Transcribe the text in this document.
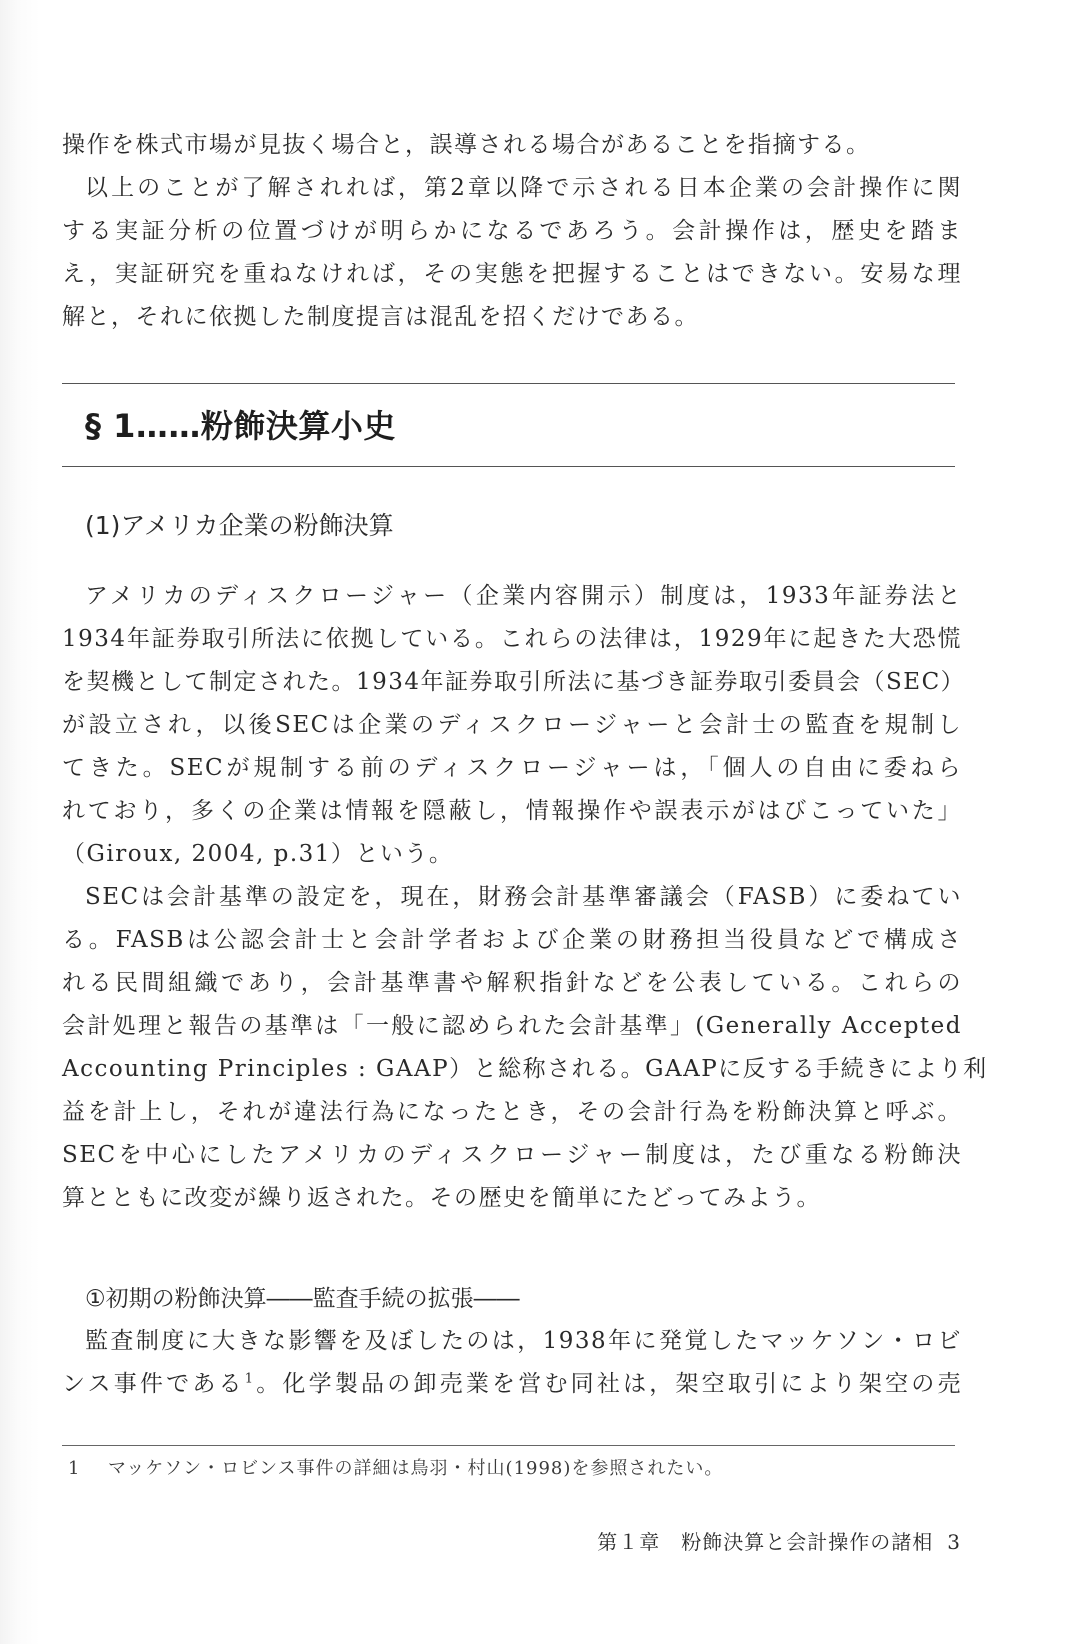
操作を株式市場が見抜く場合と，誤導される場合があることを指摘する。
以上のことが了解されれば，第2章以降で示される日本企業の会計操作に関
する実証分析の位置づけが明らかになるであろう。会計操作は，歴史を踏ま
え，実証研究を重ねなければ，その実態を把握することはできない。安易な理
解と，それに依拠した制度提言は混乱を招くだけである。
§ 1……粉飾決算小史
(1)アメリカ企業の粉飾決算
アメリカのディスクロージャー（企業内容開示）制度は，1933年証券法と
1934年証券取引所法に依拠している。これらの法律は，1929年に起きた大恐慌
を契機として制定された。1934年証券取引所法に基づき証券取引委員会（SEC）
が設立され，以後SECは企業のディスクロージャーと会計士の監査を規制し
てきた。SECが規制する前のディスクロージャーは，「個人の自由に委ねら
れており，多くの企業は情報を隠蔽し，情報操作や誤表示がはびこっていた」
（Giroux, 2004, p.31）という。
SECは会計基準の設定を，現在，財務会計基準審議会（FASB）に委ねてい
る。FASBは公認会計士と会計学者および企業の財務担当役員などで構成さ
れる民間組織であり，会計基準書や解釈指針などを公表している。これらの
会計処理と報告の基準は「一般に認められた会計基準」(Generally Accepted
Accounting Principles : GAAP）と総称される。GAAPに反する手続きにより利
益を計上し，それが違法行為になったとき，その会計行為を粉飾決算と呼ぶ。
SECを中心にしたアメリカのディスクロージャー制度は，たび重なる粉飾決
算とともに改変が繰り返された。その歴史を簡単にたどってみよう。
①初期の粉飾決算――監査手続の拡張――
監査制度に大きな影響を及ぼしたのは，1938年に発覚したマッケソン・ロビ
ンス事件である$^1$。化学製品の卸売業を営む同社は，架空取引により架空の売
1 マッケソン・ロビンス事件の詳細は鳥羽・村山(1998)を参照されたい。
第１章　粉飾決算と会計操作の諸相 3
